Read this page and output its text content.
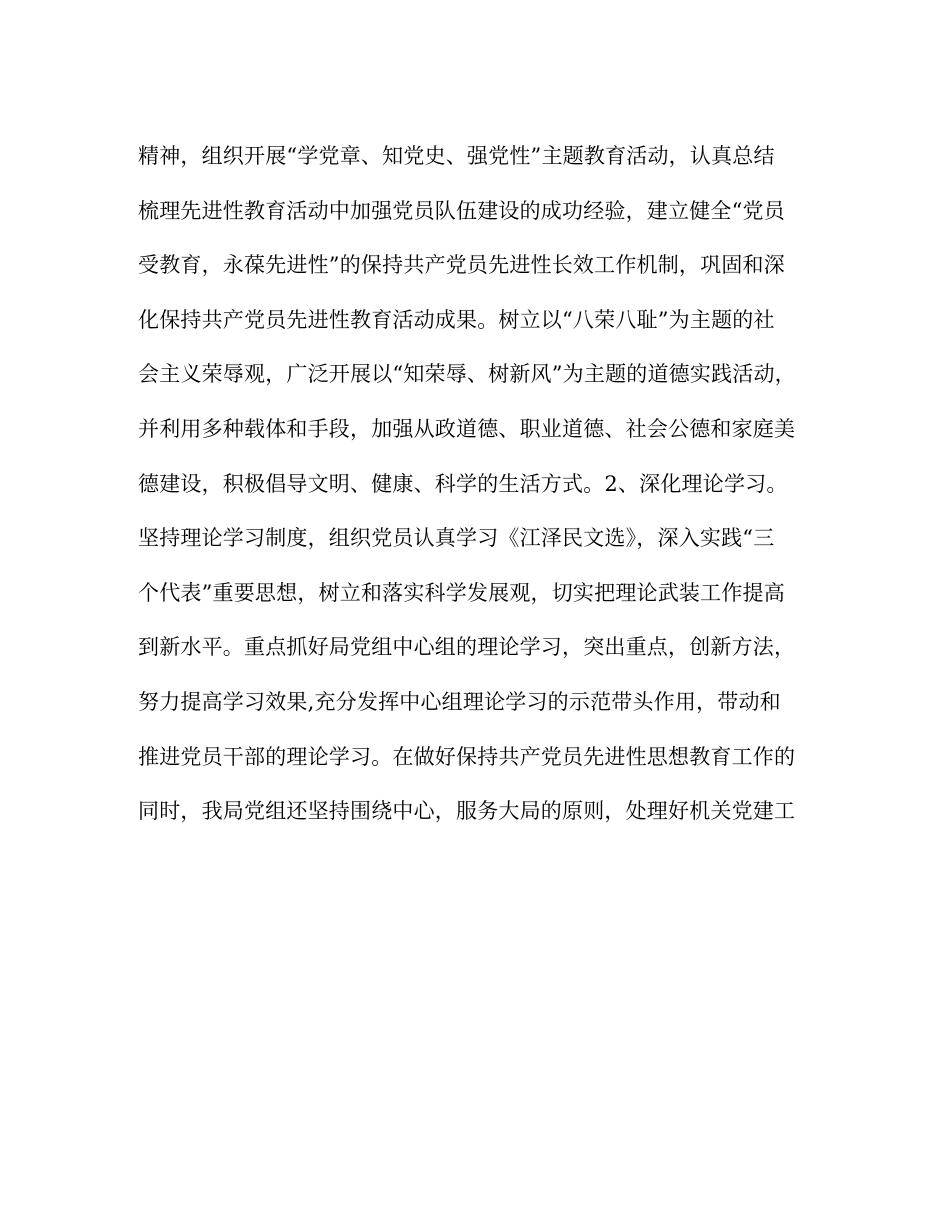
精神，组织开展“学党章、知党史、强党性”主题教育活动，认真总结
梳理先进性教育活动中加强党员队伍建设的成功经验，建立健全“党员
受教育，永葆先进性”的保持共产党员先进性长效工作机制，巩固和深
化保持共产党员先进性教育活动成果。树立以“八荣八耻”为主题的社
会主义荣辱观，广泛开展以“知荣辱、树新风”为主题的道德实践活动，
并利用多种载体和手段，加强从政道德、职业道德、社会公德和家庭美
德建设，积极倡导文明、健康、科学的生活方式。2、深化理论学习。
坚持理论学习制度，组织党员认真学习《江泽民文选》，深入实践“三
个代表”重要思想，树立和落实科学发展观，切实把理论武装工作提高
到新水平。重点抓好局党组中心组的理论学习，突出重点，创新方法，
努力提高学习效果,充分发挥中心组理论学习的示范带头作用，带动和
推进党员干部的理论学习。在做好保持共产党员先进性思想教育工作的
同时，我局党组还坚持围绕中心，服务大局的原则，处理好机关党建工
